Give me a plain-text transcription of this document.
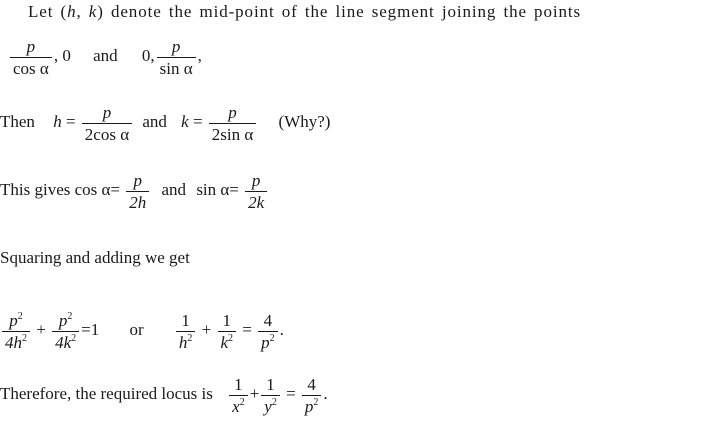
Let (h, k) denote the mid-point of the line segment joining the points
$\frac{p}{\text{cos α}}$ , 0 and 0, $\frac{p}{\text{sin α}}$ ,
Then $h = \frac{p}{\text{2cos α}}$ and $k = \frac{p}{\text{2sin α}}$ (Why?)
This gives $\cos \alpha= \frac{p}{2h}$ and $\sin \alpha= \frac{p}{2k}$
Squaring and adding we get
$\frac{p^2}{4h^2} + \frac{p^2}{4k^2} =1$ or $\frac{1}{h^2} + \frac{1}{k^2} = \frac{4}{p^2}$ .
Therefore, the required locus is $\frac{1}{x^2} + \frac{1}{y^2} = \frac{4}{p^2}$ .
